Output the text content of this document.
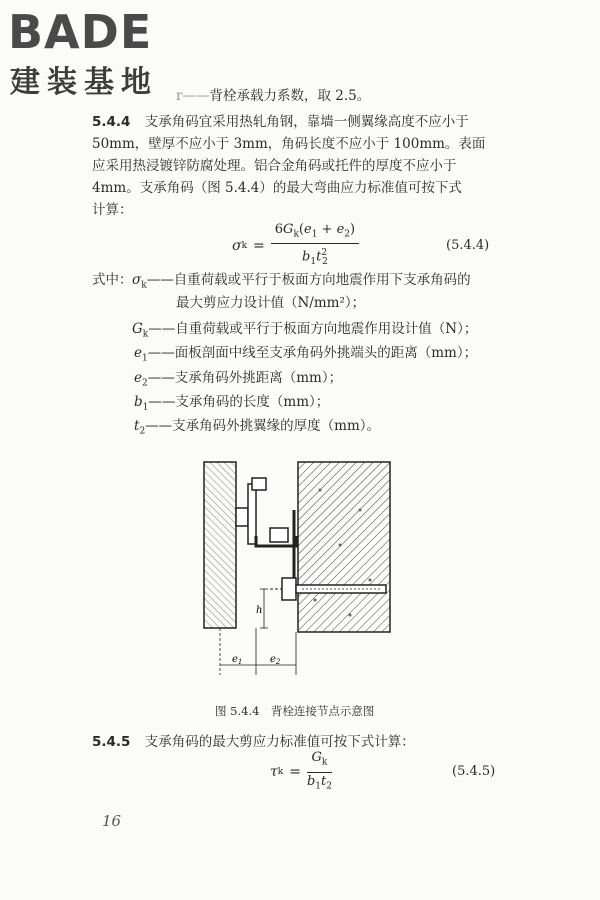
BADE
建装基地 r——背栓承载力系数，取 2.5。
5.4.4 支承角码宜采用热轧角钢，靠墙一侧翼缘高度不应小于
50mm，壁厚不应小于 3mm，角码长度不应小于 100mm。表面
应采用热浸镀锌防腐处理。铝合金角码或托件的厚度不应小于
4mm。支承角码（图 5.4.4）的最大弯曲应力标准值可按下式
计算：
σ $k = \frac{6G_k(e_1 + e_2)}{b_1t^2_2}$	(5.4.4)
式中： $\sigma_k——$自重荷载或平行于板面方向地震作用下支承角码的
最大剪应力设计值（N/mm²）；
$G_k——$自重荷载或平行于板面方向地震作用设计值（N）；
$e_1——$面板剖面中线至支承角码外挑端头的距离（mm）；
$e_2——$支承角码外挑距离（mm）；
$b_1——$支承角码的长度（mm）；
$t_2——$支承角码外挑翼缘的厚度（mm）。
h
$e_1$	$e_2$
图 5.4.4　背栓连接节点示意图
5.4.5 支承角码的最大剪应力标准值可按下式计算：
τ $k = \frac{G_k}{b_1t_2}$	(5.4.5)
16
